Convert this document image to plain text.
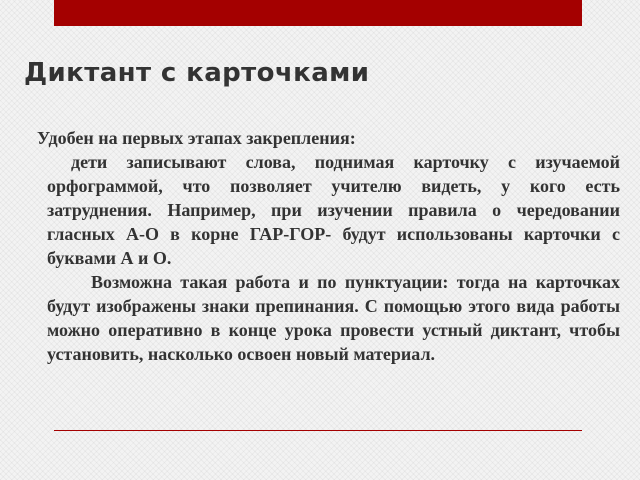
Диктант с карточками

Удобен на первых этапах закрепления:

дети записывают слова, поднимая карточку с изучаемой орфограммой, что позволяет учителю видеть, у кого есть затруднения. Например, при изучении правила о чередовании гласных А-О в корне ГАР-ГОР- будут использованы карточки с буквами А и О.

Возможна такая работа и по пунктуации: тогда на карточках будут изображены знаки препинания. С помощью этого вида работы можно оперативно в конце урока провести устный диктант, чтобы установить, насколько освоен новый материал.
